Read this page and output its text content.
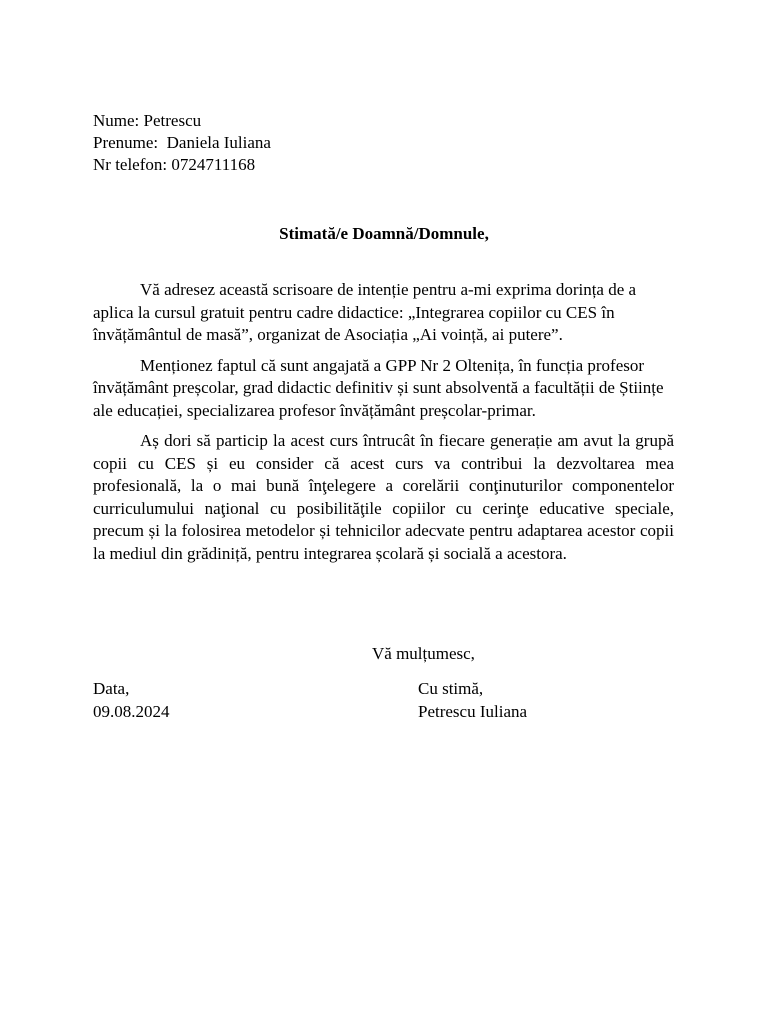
Nume: Petrescu
Prenume:  Daniela Iuliana
Nr telefon: 0724711168
Stimată/e Doamnă/Domnule,

Vă adresez această scrisoare de intenție pentru a-mi exprima dorința de a aplica la cursul gratuit pentru cadre didactice: „Integrarea copiilor cu CES în învățământul de masă”, organizat de Asociația „Ai voință, ai putere”.

Menționez faptul că sunt angajată a GPP Nr 2 Oltenița, în funcția profesor învățământ preșcolar, grad didactic definitiv și sunt absolventă a facultății de Științe ale educației, specializarea profesor învățământ preșcolar-primar.

Aș dori să particip la acest curs întrucât în fiecare generație am avut la grupă copii cu CES și eu consider că acest curs va contribui la dezvoltarea mea profesională, la o mai bună înţelegere a corelării conţinuturilor componentelor curriculumului naţional cu posibilităţile copiilor cu cerinţe educative speciale, precum și la folosirea metodelor și tehnicilor adecvate pentru adaptarea acestor copii la mediul din grădiniță, pentru integrarea școlară și socială a acestora.

Vă mulțumesc,
Data,
09.08.2024
Cu stimă,
Petrescu Iuliana
